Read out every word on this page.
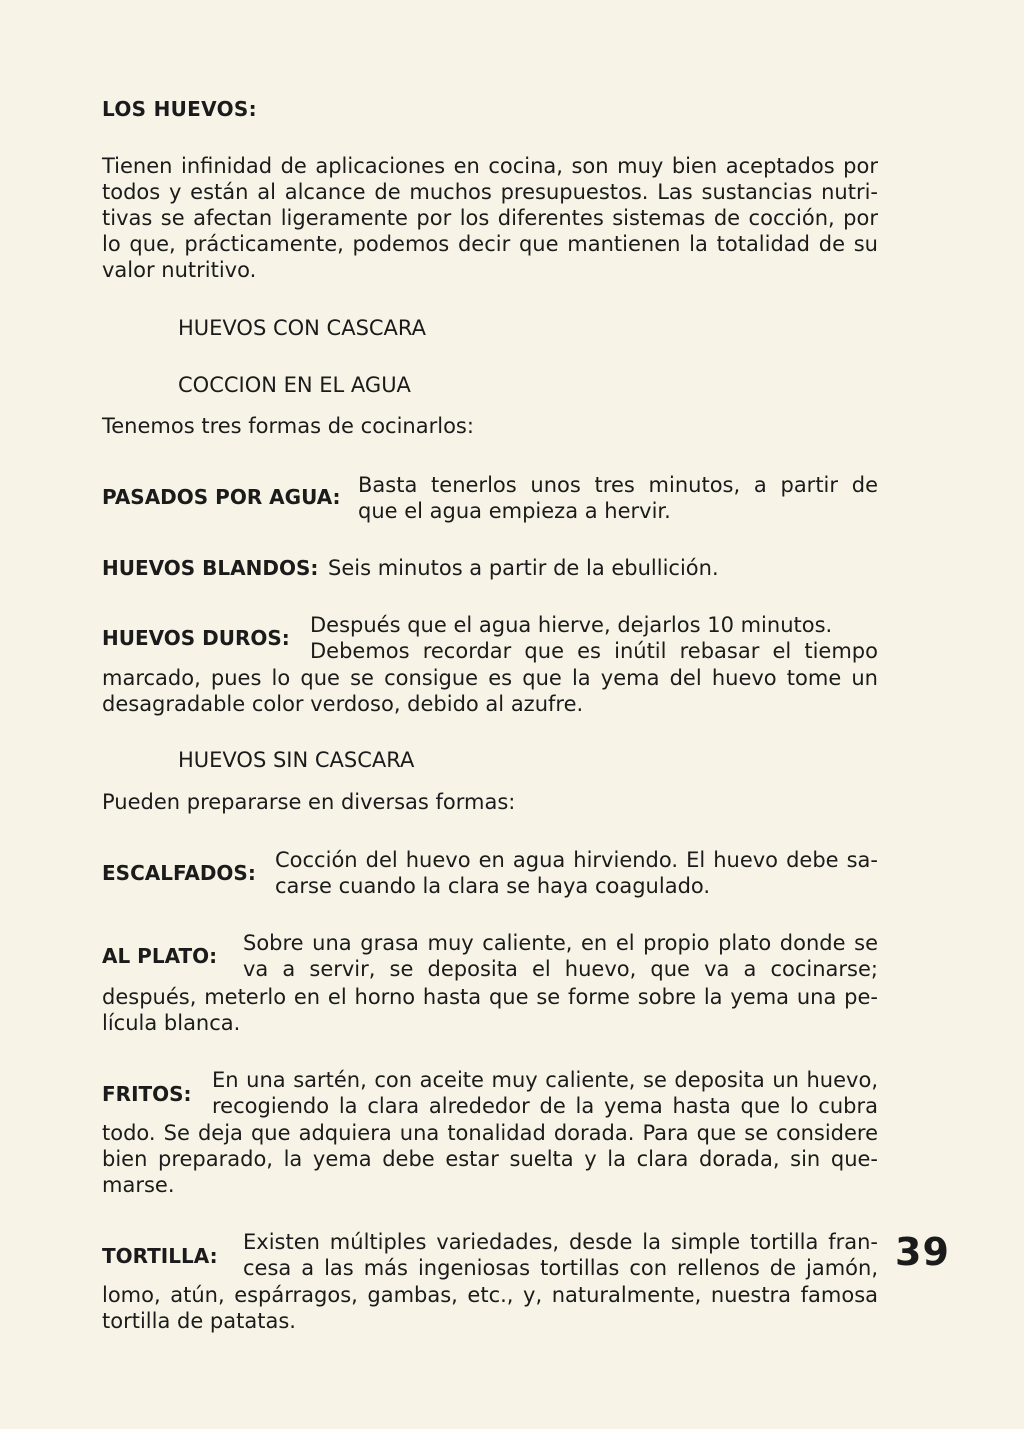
LOS HUEVOS:
Tienen infinidad de aplicaciones en cocina, son muy bien aceptados por
todos y están al alcance de muchos presupuestos. Las sustancias nutri-
tivas se afectan ligeramente por los diferentes sistemas de cocción, por
lo que, prácticamente, podemos decir que mantienen la totalidad de su
valor nutritivo.
HUEVOS CON CASCARA
COCCION EN EL AGUA
Tenemos tres formas de cocinarlos:
PASADOS POR AGUA: Basta tenerlos unos tres minutos, a partir de
que el agua empieza a hervir.
HUEVOS BLANDOS: Seis minutos a partir de la ebullición.
HUEVOS DUROS:
Después que el agua hierve, dejarlos 10 minutos.
Debemos recordar que es inútil rebasar el tiempo
marcado, pues lo que se consigue es que la yema del huevo tome un
desagradable color verdoso, debido al azufre.
HUEVOS SIN CASCARA
Pueden prepararse en diversas formas:
ESCALFADOS:
Cocción del huevo en agua hirviendo. El huevo debe sa-
carse cuando la clara se haya coagulado.
AL PLATO:
Sobre una grasa muy caliente, en el propio plato donde se
va a servir, se deposita el huevo, que va a cocinarse;
después, meterlo en el horno hasta que se forme sobre la yema una pe-
lícula blanca.
FRITOS:
En una sartén, con aceite muy caliente, se deposita un huevo,
recogiendo la clara alrededor de la yema hasta que lo cubra
todo. Se deja que adquiera una tonalidad dorada. Para que se considere
bien preparado, la yema debe estar suelta y la clara dorada, sin que-
marse.
TORTILLA:
Existen múltiples variedades, desde la simple tortilla fran-
cesa a las más ingeniosas tortillas con rellenos de jamón,
lomo, atún, espárragos, gambas, etc., y, naturalmente, nuestra famosa
tortilla de patatas.
39
